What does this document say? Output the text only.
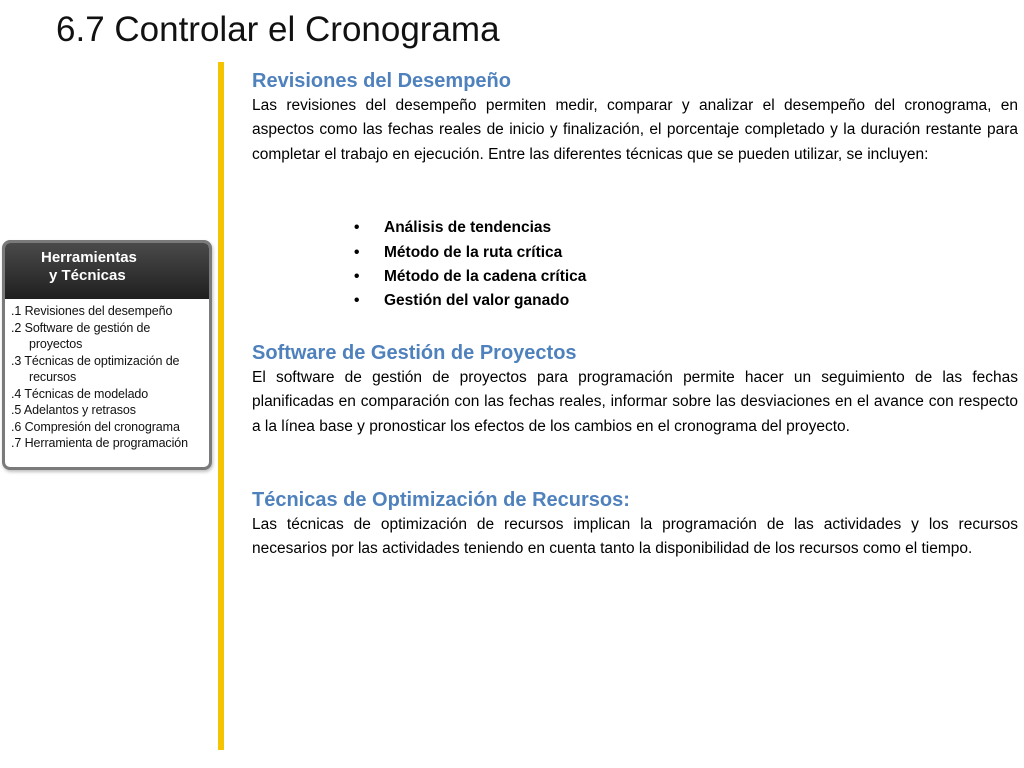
6.7 Controlar el Cronograma
Herramientas
y Técnicas
.1 Revisiones del desempeño
.2 Software de gestión de
proyectos
.3 Técnicas de optimización de
recursos
.4 Técnicas de modelado
.5 Adelantos y retrasos
.6 Compresión del cronograma
.7 Herramienta de programación
Revisiones del Desempeño

Las revisiones del desempeño permiten medir, comparar y analizar el desempeño del cronograma, en aspectos como las fechas reales de inicio y finalización, el porcentaje completado y la duración restante para completar el trabajo en ejecución. Entre las diferentes técnicas que se pueden utilizar, se incluyen:

• Análisis de tendencias
• Método de la ruta crítica
• Método de la cadena crítica
• Gestión del valor ganado
Software de Gestión de Proyectos

El software de gestión de proyectos para programación permite hacer un seguimiento de las fechas planificadas en comparación con las fechas reales, informar sobre las desviaciones en el avance con respecto a la línea base y pronosticar los efectos de los cambios en el cronograma del proyecto.

Técnicas de Optimización de Recursos:

Las técnicas de optimización de recursos implican la programación de las actividades y los recursos necesarios por las actividades teniendo en cuenta tanto la disponibilidad de los recursos como el tiempo.
